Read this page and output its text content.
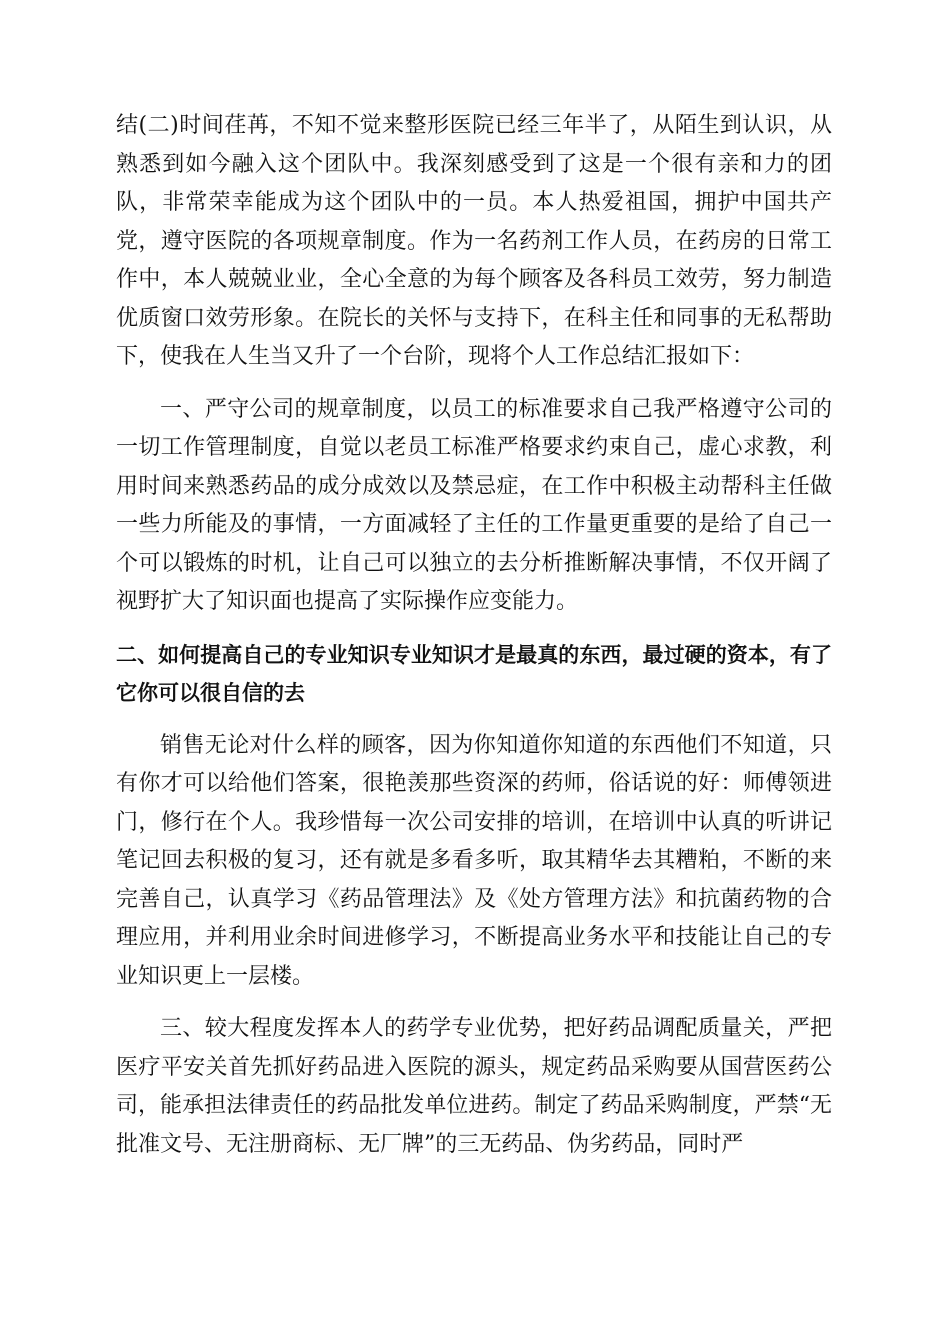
结(二)时间荏苒，不知不觉来整形医院已经三年半了，从陌生到认识，从熟悉到如今融入这个团队中。我深刻感受到了这是一个很有亲和力的团队，非常荣幸能成为这个团队中的一员。本人热爱祖国，拥护中国共产党，遵守医院的各项规章制度。作为一名药剂工作人员，在药房的日常工作中，本人兢兢业业，全心全意的为每个顾客及各科员工效劳，努力制造优质窗口效劳形象。在院长的关怀与支持下，在科主任和同事的无私帮助下，使我在人生当又升了一个台阶，现将个人工作总结汇报如下：

一、严守公司的规章制度，以员工的标准要求自己我严格遵守公司的一切工作管理制度，自觉以老员工标准严格要求约束自己，虚心求教，利用时间来熟悉药品的成分成效以及禁忌症，在工作中积极主动帮科主任做一些力所能及的事情，一方面减轻了主任的工作量更重要的是给了自己一个可以锻炼的时机，让自己可以独立的去分析推断解决事情，不仅开阔了视野扩大了知识面也提高了实际操作应变能力。

二、如何提高自己的专业知识专业知识才是最真的东西，最过硬的资本，有了它你可以很自信的去

销售无论对什么样的顾客，因为你知道你知道的东西他们不知道，只有你才可以给他们答案，很艳羡那些资深的药师，俗话说的好：师傅领进门，修行在个人。我珍惜每一次公司安排的培训，在培训中认真的听讲记笔记回去积极的复习，还有就是多看多听，取其精华去其糟粕，不断的来完善自己，认真学习《药品管理法》及《处方管理方法》和抗菌药物的合理应用，并利用业余时间进修学习，不断提高业务水平和技能让自己的专业知识更上一层楼。

三、较大程度发挥本人的药学专业优势，把好药品调配质量关，严把医疗平安关首先抓好药品进入医院的源头，规定药品采购要从国营医药公司，能承担法律责任的药品批发单位进药。制定了药品采购制度，严禁“无批准文号、无注册商标、无厂牌”的三无药品、伪劣药品，同时严
